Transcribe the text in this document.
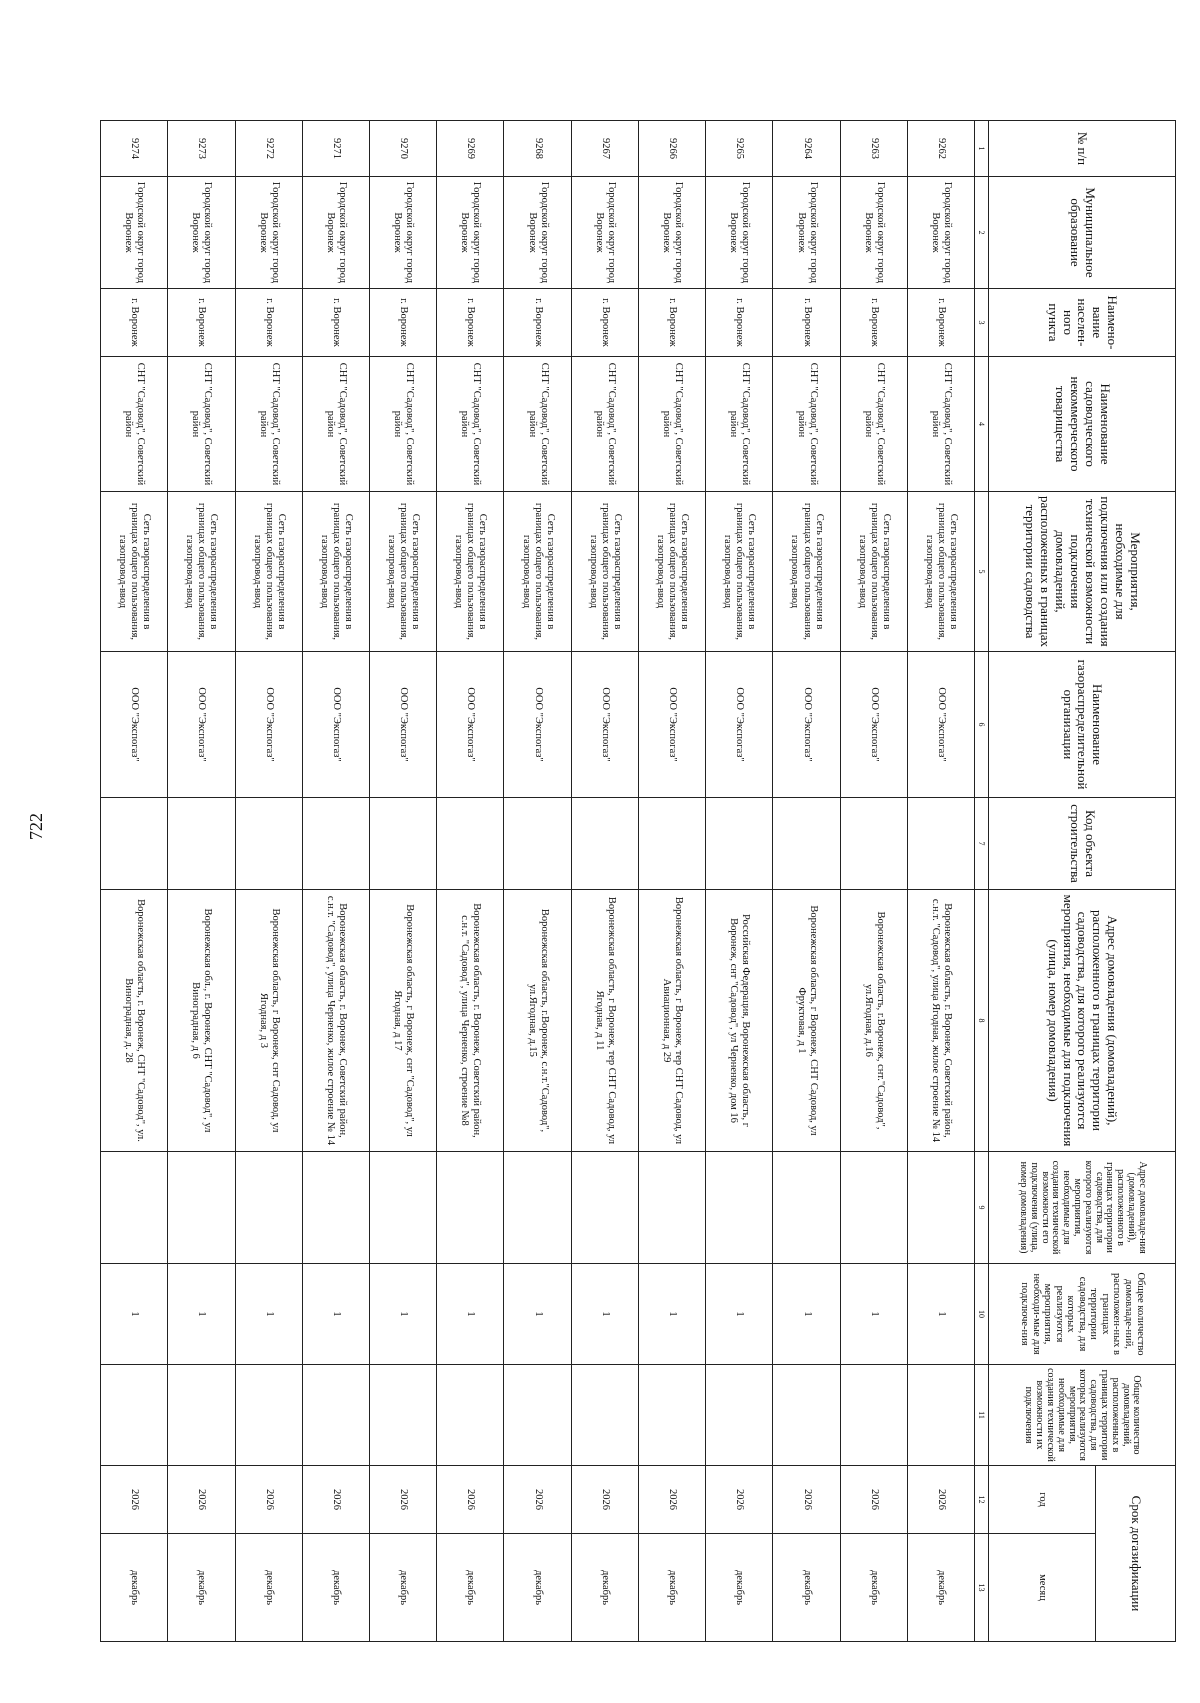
722
№ п/п	Муниципальное образование	Наимено-вание населен-ного пункта	Наименование садоводческого некоммерческого товарищества	Мероприятия, необходимые для подключения или создания технической возможности подключения домовладений, расположенных в границах территории садоводства	Наименование газораспределительной организации	Код объекта строительства	Адрес домовладения (домовладений), расположенного в границах территории садоводства, для которого реализуются мероприятия, необходимые для подключения (улица, номер домовладения)	Адрес домовладе-ния (домовладений), расположенного в границах территории садоводства, для которого реализуются мероприятия, необходимые для создания технической возможности его подключения (улица, номер домовладения)	Общее количество домовладе-ний, расположен-ных в границах территории садоводства, для которых реализуются мероприятия, необходи-мые для подключе-ния	Общее количество домовладений, расположенных в границах территории садоводства, для которых реализуются мероприятия, необходимые для создания технической возможности их подключения	Срок догазификации	
											год	месяц
1	2	3	4	5	6	7	8	9	10	11	12	13
9262	Городской округ город Воронеж	г. Воронеж	СНТ "Садовод", Советский район	Сеть газораспределения в границах общего пользования, газопровод-ввод	ООО "Экспогаз"		Воронежская область, г. Воронеж, Советский район, с.н.т. "Садовод", улица Ягодная, жилое строение № 14		1		2026	декабрь
9263	Городской округ город Воронеж	г. Воронеж	СНТ "Садовод", Советский район	Сеть газораспределения в границах общего пользования, газопровод-ввод	ООО "Экспогаз"		Воронежская область, г.Воронеж, снт."Садовод", ул.Ягодная, д.16		1		2026	декабрь
9264	Городской округ город Воронеж	г. Воронеж	СНТ "Садовод", Советский район	Сеть газораспределения в границах общего пользования, газопровод-ввод	ООО "Экспогаз"		Воронежская область, г Воронеж, СНТ Садовод, ул Фруктовая, д 1		1		2026	декабрь
9265	Городской округ город Воронеж	г. Воронеж	СНТ "Садовод", Советский район	Сеть газораспределения в границах общего пользования, газопровод-ввод	ООО "Экспогаз"		Российская Федерация, Воронежская область, г Воронеж, снт "Садовод", ул Черненко, дом 16		1		2026	декабрь
9266	Городской округ город Воронеж	г. Воронеж	СНТ "Садовод", Советский район	Сеть газораспределения в границах общего пользования, газопровод-ввод	ООО "Экспогаз"		Воронежская область, г Воронеж, тер СНТ Садовод, ул Авиационная, д 29		1		2026	декабрь
9267	Городской округ город Воронеж	г. Воронеж	СНТ "Садовод", Советский район	Сеть газораспределения в границах общего пользования, газопровод-ввод	ООО "Экспогаз"		Воронежская область, г Воронеж, тер СНТ Садовод, ул Ягодная, д 11		1		2026	декабрь
9268	Городской округ город Воронеж	г. Воронеж	СНТ "Садовод", Советский район	Сеть газораспределения в границах общего пользования, газопровод-ввод	ООО "Экспогаз"		Воронежская область, г.Воронеж, с.н.т."Садовод", ул.Ягодная, д.15		1		2026	декабрь
9269	Городской округ город Воронеж	г. Воронеж	СНТ "Садовод", Советский район	Сеть газораспределения в границах общего пользования, газопровод-ввод	ООО "Экспогаз"		Воронежская область, г. Воронеж, Советский район, с.н.т. "Садовод", улица Черненко, строение №8		1		2026	декабрь
9270	Городской округ город Воронеж	г. Воронеж	СНТ "Садовод", Советский район	Сеть газораспределения в границах общего пользования, газопровод-ввод	ООО "Экспогаз"		Воронежская область, г Воронеж, снт "Садовод", ул Ягодная, д 17		1		2026	декабрь
9271	Городской округ город Воронеж	г. Воронеж	СНТ "Садовод", Советский район	Сеть газораспределения в границах общего пользования, газопровод-ввод	ООО "Экспогаз"		Воронежская область, г. Воронеж, Советский район, с.н.т. "Садовод", улица Черненко, жилое строение № 14		1		2026	декабрь
9272	Городской округ город Воронеж	г. Воронеж	СНТ "Садовод", Советский район	Сеть газораспределения в границах общего пользования, газопровод-ввод	ООО "Экспогаз"		Воронежская область, г Воронеж, снт Садовод, ул Ягодная, д 3		1		2026	декабрь
9273	Городской округ город Воронеж	г. Воронеж	СНТ "Садовод", Советский район	Сеть газораспределения в границах общего пользования, газопровод-ввод	ООО "Экспогаз"		Воронежская обл., г. Воронеж, СНТ "Садовод", ул Виноградная, д 6		1		2026	декабрь
9274	Городской округ город Воронеж	г. Воронеж	СНТ "Садовод", Советский район	Сеть газораспределения в границах общего пользования, газопровод-ввод	ООО "Экспогаз"		Воронежская область, г. Воронеж, СНТ "Садовод", ул. Виноградная, д. 28		1		2026	декабрь
